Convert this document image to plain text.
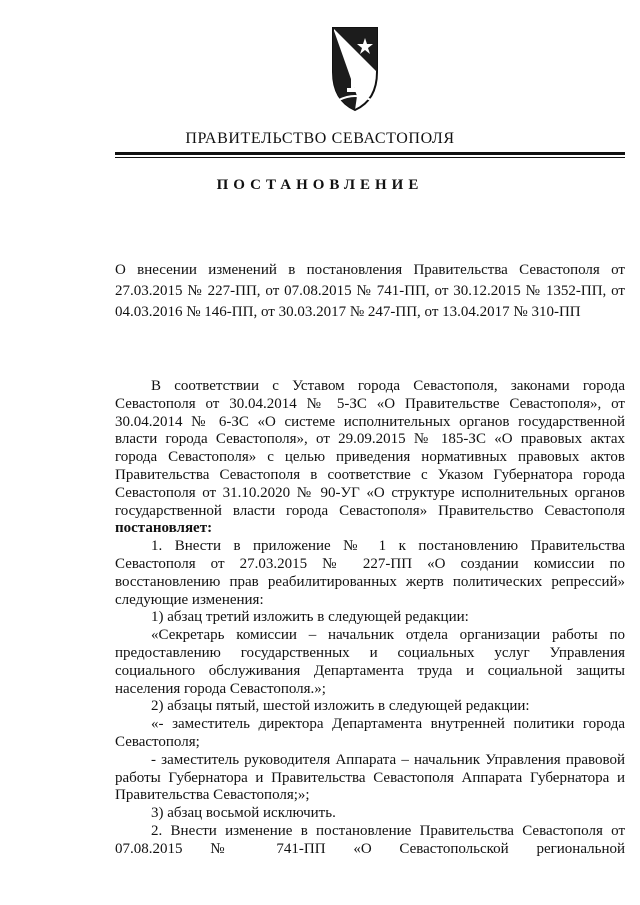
ПРАВИТЕЛЬСТВО СЕВАСТОПОЛЯ
ПОСТАНОВЛЕНИЕ
О внесении изменений в постановления Правительства Севастополя от 27.03.2015 № 227-ПП, от 07.08.2015 № 741-ПП, от 30.12.2015 № 1352-ПП, от 04.03.2016 № 146-ПП, от 30.03.2017 № 247-ПП, от 13.04.2017 № 310-ПП

В соответствии с Уставом города Севастополя, законами города Севастополя от 30.04.2014 № 5-ЗС «О Правительстве Севастополя», от 30.04.2014 № 6-ЗС «О системе исполнительных органов государственной власти города Севастополя», от 29.09.2015 № 185-ЗС «О правовых актах города Севастополя» с целью приведения нормативных правовых актов Правительства Севастополя в соответствие с Указом Губернатора города Севастополя от 31.10.2020 № 90-УГ «О структуре исполнительных органов государственной власти города Севастополя» Правительство Севастополя постановляет:

1. Внести в приложение № 1 к постановлению Правительства Севастополя от 27.03.2015 № 227-ПП «О создании комиссии по восстановлению прав реабилитированных жертв политических репрессий» следующие изменения:

1) абзац третий изложить в следующей редакции:

«Секретарь комиссии – начальник отдела организации работы по предоставлению государственных и социальных услуг Управления социального обслуживания Департамента труда и социальной защиты населения города Севастополя.»;

2) абзацы пятый, шестой изложить в следующей редакции:

«- заместитель директора Департамента внутренней политики города Севастополя;

- заместитель руководителя Аппарата – начальник Управления правовой работы Губернатора и Правительства Севастополя Аппарата Губернатора и Правительства Севастополя;»;

3) абзац восьмой исключить.

2. Внести изменение в постановление Правительства Севастополя от 07.08.2015 № 741-ПП «О Севастопольской региональной
